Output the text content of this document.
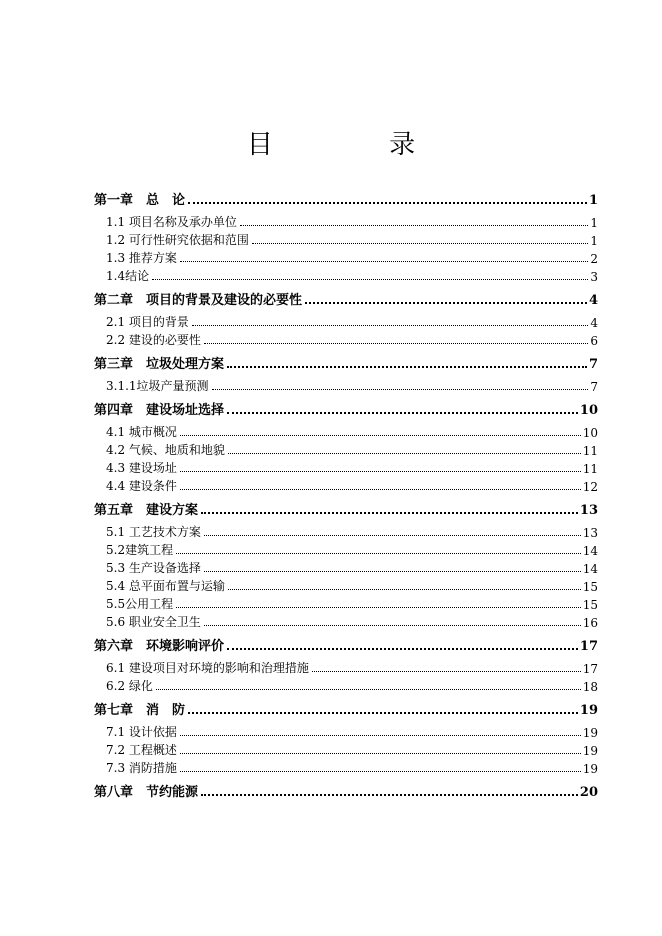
目 录
第一章　总　论	1
1.1 项目名称及承办单位	1
1.2 可行性研究依据和范围	1
1.3 推荐方案	2
1.4结论	3
第二章　项目的背景及建设的必要性	4
2.1 项目的背景	4
2.2 建设的必要性	6
第三章　垃圾处理方案	7
3.1.1垃圾产量预测	7
第四章　建设场址选择	10
4.1 城市概况	10
4.2 气候、地质和地貌	11
4.3 建设场址	11
4.4 建设条件	12
第五章　建设方案	13
5.1 工艺技术方案	13
5.2建筑工程	14
5.3 生产设备选择	14
5.4 总平面布置与运输	15
5.5公用工程	15
5.6 职业安全卫生	16
第六章　环境影响评价	17
6.1 建设项目对环境的影响和治理措施	17
6.2 绿化	18
第七章　消　防	19
7.1 设计依据	19
7.2 工程概述	19
7.3 消防措施	19
第八章　节约能源	20
